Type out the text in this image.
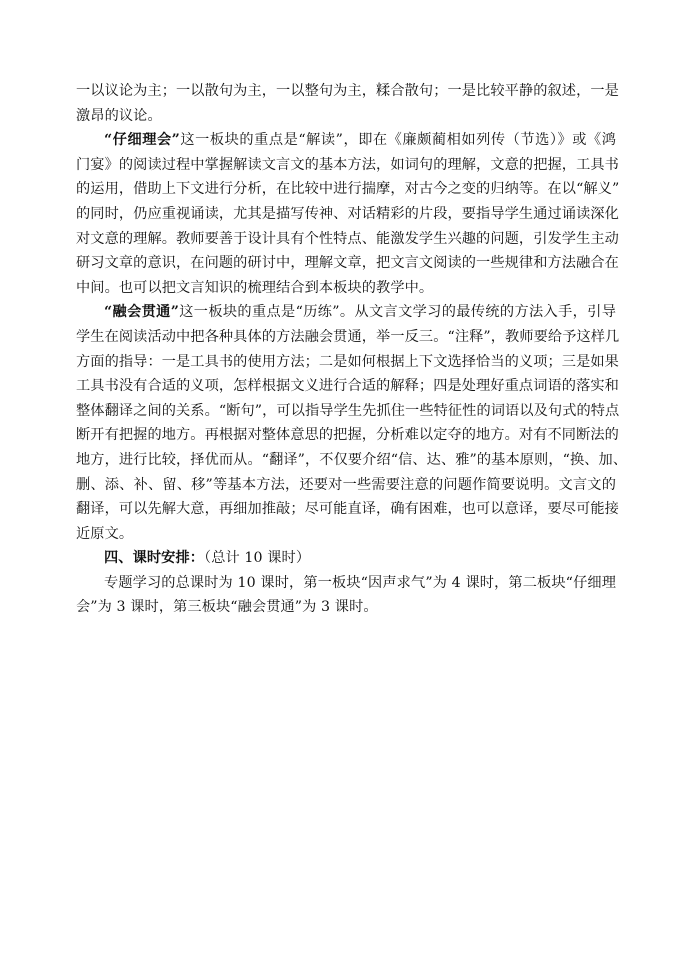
一以议论为主；一以散句为主，一以整句为主，糅合散句；一是比较平静的叙述，一是
激昂的议论。
“仔细理会”这一板块的重点是“解读”，即在《廉颇蔺相如列传（节选）》或《鸿
门宴》的阅读过程中掌握解读文言文的基本方法，如词句的理解，文意的把握，工具书
的运用，借助上下文进行分析，在比较中进行揣摩，对古今之变的归纳等。在以“解义”
的同时，仍应重视诵读，尤其是描写传神、对话精彩的片段，要指导学生通过诵读深化
对文意的理解。教师要善于设计具有个性特点、能激发学生兴趣的问题，引发学生主动
研习文章的意识，在问题的研讨中，理解文章，把文言文阅读的一些规律和方法融合在
中间。也可以把文言知识的梳理结合到本板块的教学中。
“融会贯通”这一板块的重点是“历练”。从文言文学习的最传统的方法入手，引导
学生在阅读活动中把各种具体的方法融会贯通，举一反三。“注释”，教师要给予这样几
方面的指导：一是工具书的使用方法；二是如何根据上下文选择恰当的义项；三是如果
工具书没有合适的义项，怎样根据文义进行合适的解释；四是处理好重点词语的落实和
整体翻译之间的关系。“断句”，可以指导学生先抓住一些特征性的词语以及句式的特点
断开有把握的地方。再根据对整体意思的把握，分析难以定夺的地方。对有不同断法的
地方，进行比较，择优而从。“翻译”，不仅要介绍“信、达、雅”的基本原则，“换、加、
删、添、补、留、移”等基本方法，还要对一些需要注意的问题作简要说明。文言文的
翻译，可以先解大意，再细加推敲；尽可能直译，确有困难，也可以意译，要尽可能接
近原文。
四、课时安排：（总计 10 课时）
专题学习的总课时为 10 课时，第一板块“因声求气”为 4 课时，第二板块“仔细理
会”为 3 课时，第三板块“融会贯通”为 3 课时。
